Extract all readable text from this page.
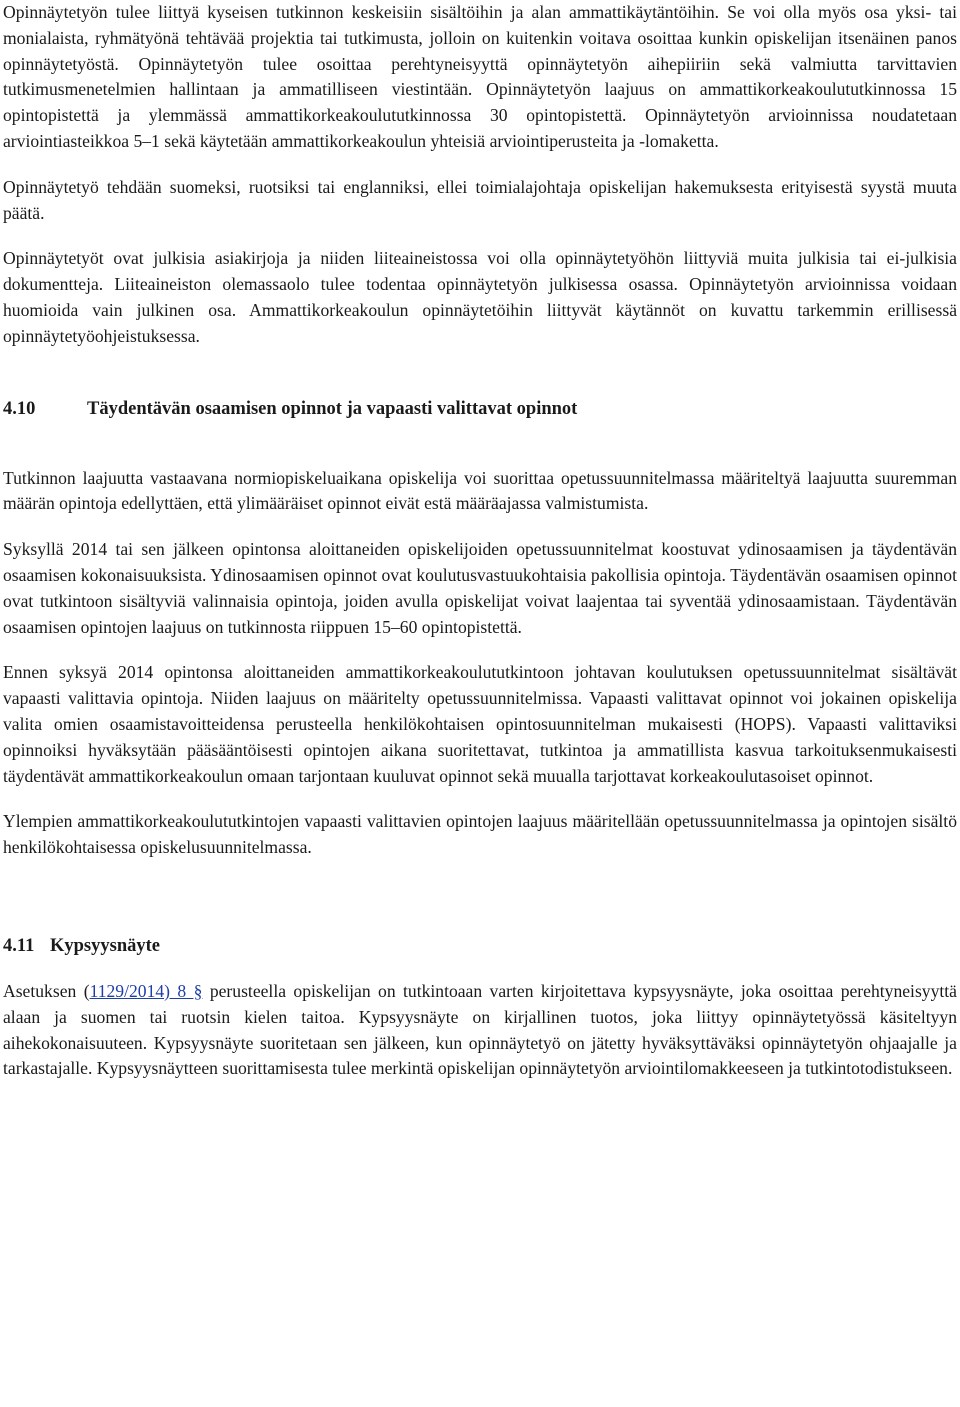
Opinnäytetyön tulee liittyä kyseisen tutkinnon keskeisiin sisältöihin ja alan ammattikäytäntöihin. Se voi olla myös osa yksi- tai monialaista, ryhmätyönä tehtävää projektia tai tutkimusta, jolloin on kuitenkin voitava osoittaa kunkin opiskelijan itsenäinen panos opinnäytetyöstä. Opinnäytetyön tulee osoittaa perehtyneisyyttä opinnäytetyön aihepiiriin sekä valmiutta tarvittavien tutkimusmenetelmien hallintaan ja ammatilliseen viestintään. Opinnäytetyön laajuus on ammattikorkeakoulututkinnossa 15 opintopistettä ja ylemmässä ammattikorkeakoulututkinnossa 30 opintopistettä. Opinnäytetyön arvioinnissa noudatetaan arviointiasteikkoa 5–1 sekä käytetään ammattikorkeakoulun yhteisiä arviointiperusteita ja -lomaketta.

Opinnäytetyö tehdään suomeksi, ruotsiksi tai englanniksi, ellei toimialajohtaja opiskelijan hakemuksesta erityisestä syystä muuta päätä.

Opinnäytetyöt ovat julkisia asiakirjoja ja niiden liiteaineistossa voi olla opinnäytetyöhön liittyviä muita julkisia tai ei-julkisia dokumentteja. Liiteaineiston olemassaolo tulee todentaa opinnäytetyön julkisessa osassa. Opinnäytetyön arvioinnissa voidaan huomioida vain julkinen osa. Ammattikorkeakoulun opinnäytetöihin liittyvät käytännöt on kuvattu tarkemmin erillisessä opinnäytetyöohjeistuksessa.

4.10	Täydentävän osaamisen opinnot ja vapaasti valittavat opinnot

Tutkinnon laajuutta vastaavana normiopiskeluaikana opiskelija voi suorittaa opetussuunnitelmassa määriteltyä laajuutta suuremman määrän opintoja edellyttäen, että ylimääräiset opinnot eivät estä määräajassa valmistumista.

Syksyllä 2014 tai sen jälkeen opintonsa aloittaneiden opiskelijoiden opetussuunnitelmat koostuvat ydinosaamisen ja täydentävän osaamisen kokonaisuuksista. Ydinosaamisen opinnot ovat koulutusvastuukohtaisia pakollisia opintoja. Täydentävän osaamisen opinnot ovat tutkintoon sisältyviä valinnaisia opintoja, joiden avulla opiskelijat voivat laajentaa tai syventää ydinosaamistaan. Täydentävän osaamisen opintojen laajuus on tutkinnosta riippuen 15–60 opintopistettä.

Ennen syksyä 2014 opintonsa aloittaneiden ammattikorkeakoulututkintoon johtavan koulutuksen opetussuunnitelmat sisältävät vapaasti valittavia opintoja. Niiden laajuus on määritelty opetussuunnitelmissa. Vapaasti valittavat opinnot voi jokainen opiskelija valita omien osaamistavoitteidensa perusteella henkilökohtaisen opintosuunnitelman mukaisesti (HOPS). Vapaasti valittaviksi opinnoiksi hyväksytään pääsääntöisesti opintojen aikana suoritettavat, tutkintoa ja ammatillista kasvua tarkoituksenmukaisesti täydentävät ammattikorkeakoulun omaan tarjontaan kuuluvat opinnot sekä muualla tarjottavat korkeakoulutasoiset opinnot.

Ylempien ammattikorkeakoulututkintojen vapaasti valittavien opintojen laajuus määritellään opetussuunnitelmassa ja opintojen sisältö henkilökohtaisessa opiskelusuunnitelmassa.

4.11 Kypsyysnäyte

Asetuksen (1129/2014) 8 § perusteella opiskelijan on tutkintoaan varten kirjoitettava kypsyysnäyte, joka osoittaa perehtyneisyyttä alaan ja suomen tai ruotsin kielen taitoa. Kypsyysnäyte on kirjallinen tuotos, joka liittyy opinnäytetyössä käsiteltyyn aihekokonaisuuteen. Kypsyysnäyte suoritetaan sen jälkeen, kun opinnäytetyö on jätetty hyväksyttäväksi opinnäytetyön ohjaajalle ja tarkastajalle. Kypsyysnäytteen suorittamisesta tulee merkintä opiskelijan opinnäytetyön arviointilomakkeeseen ja tutkintotodistukseen.
